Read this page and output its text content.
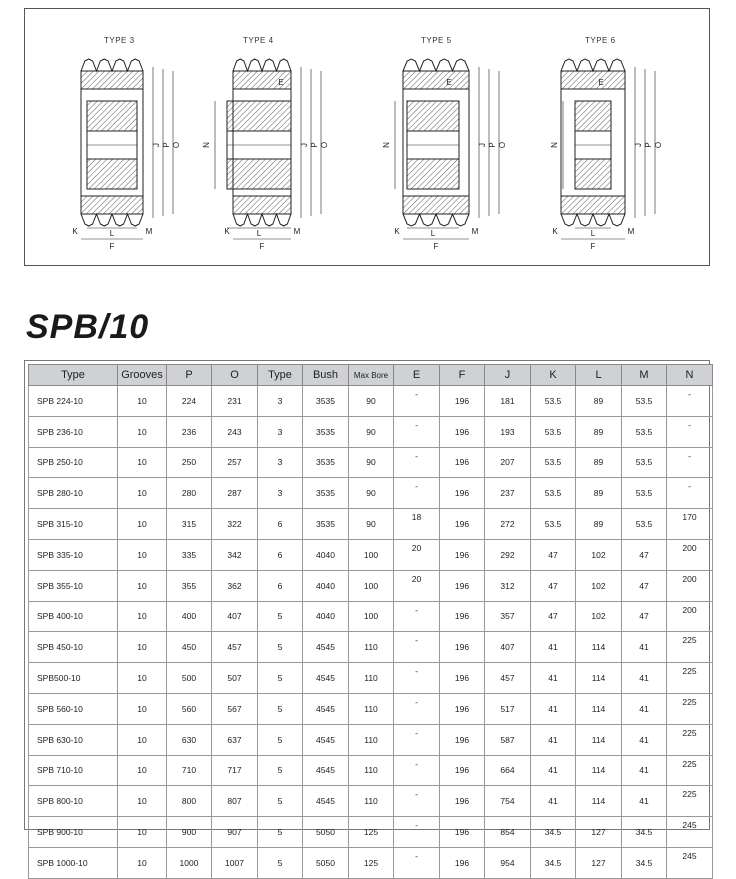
J P O
F
L
K	M
J P O
N
F
L
K	M
E
J P O
N
F
L
K	M
E
J P O
N
F
L
K	M
E
TYPE 3	TYPE 4	TYPE 5	TYPE 6
SPB/10
Type	Grooves	P	O	Type	Bush	Max Bore	E	F	J	K	L	M	N
SPB 224-10	10	224	231	3	3535	90	-	196	181	53.5	89	53.5	-
SPB 236-10	10	236	243	3	3535	90	-	196	193	53.5	89	53.5	-
SPB 250-10	10	250	257	3	3535	90	-	196	207	53.5	89	53.5	-
SPB 280-10	10	280	287	3	3535	90	-	196	237	53.5	89	53.5	-
SPB 315-10	10	315	322	6	3535	90	18	196	272	53.5	89	53.5	170
SPB 335-10	10	335	342	6	4040	100	20	196	292	47	102	47	200
SPB 355-10	10	355	362	6	4040	100	20	196	312	47	102	47	200
SPB 400-10	10	400	407	5	4040	100	-	196	357	47	102	47	200
SPB 450-10	10	450	457	5	4545	110	-	196	407	41	114	41	225
SPB500-10	10	500	507	5	4545	110	-	196	457	41	114	41	225
SPB 560-10	10	560	567	5	4545	110	-	196	517	41	114	41	225
SPB 630-10	10	630	637	5	4545	110	-	196	587	41	114	41	225
SPB 710-10	10	710	717	5	4545	110	-	196	664	41	114	41	225
SPB 800-10	10	800	807	5	4545	110	-	196	754	41	114	41	225
SPB 900-10	10	900	907	5	5050	125	-	196	854	34.5	127	34.5	245
SPB 1000-10	10	1000	1007	5	5050	125	-	196	954	34.5	127	34.5	245
